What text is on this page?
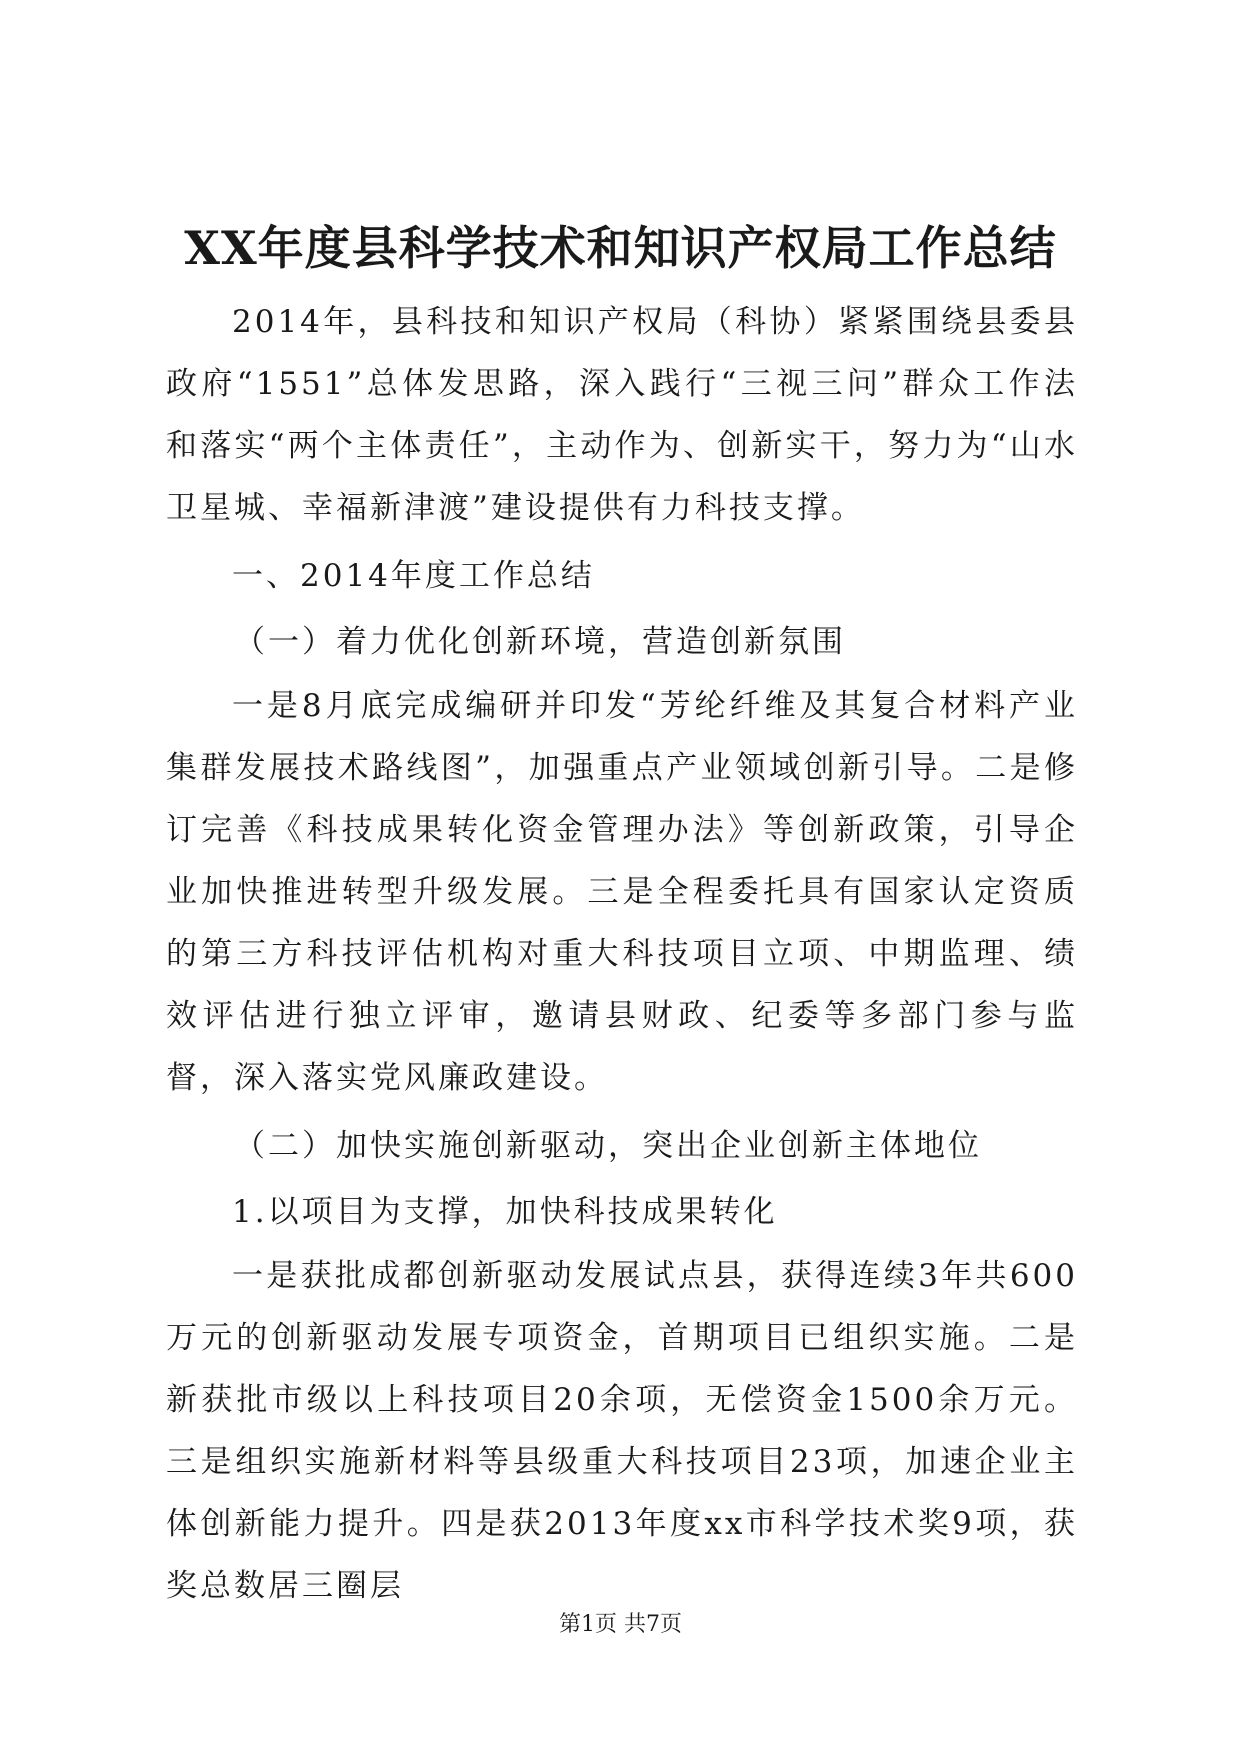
XX年度县科学技术和知识产权局工作总结

2014年，县科技和知识产权局（科协）紧紧围绕县委县政府“1551”总体发思路，深入践行“三视三问”群众工作法和落实“两个主体责任”，主动作为、创新实干，努力为“山水卫星城、幸福新津渡”建设提供有力科技支撑。

一、2014年度工作总结

（一）着力优化创新环境，营造创新氛围

一是8月底完成编研并印发“芳纶纤维及其复合材料产业集群发展技术路线图”，加强重点产业领域创新引导。二是修订完善《科技成果转化资金管理办法》等创新政策，引导企业加快推进转型升级发展。三是全程委托具有国家认定资质的第三方科技评估机构对重大科技项目立项、中期监理、绩效评估进行独立评审，邀请县财政、纪委等多部门参与监督，深入落实党风廉政建设。

（二）加快实施创新驱动，突出企业创新主体地位

1.以项目为支撑，加快科技成果转化

一是获批成都创新驱动发展试点县，获得连续3年共600万元的创新驱动发展专项资金，首期项目已组织实施。二是新获批市级以上科技项目20余项，无偿资金1500余万元。三是组织实施新材料等县级重大科技项目23项，加速企业主体创新能力提升。四是获2013年度xx市科学技术奖9项，获奖总数居三圈层

第1页 共7页
